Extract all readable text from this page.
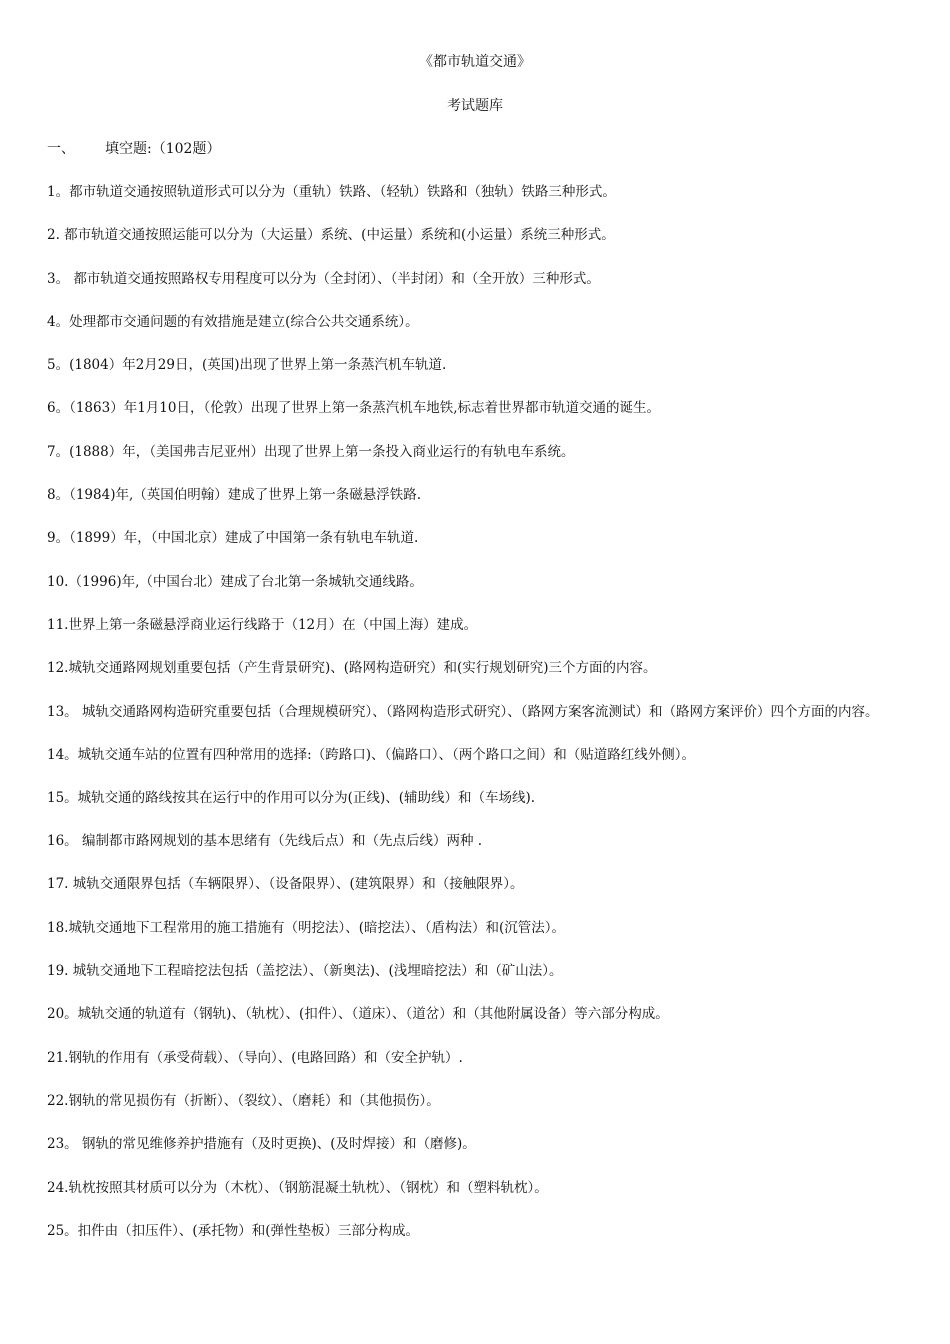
《都市轨道交通》
考试题库
一、 填空题:（102题）
1。都市轨道交通按照轨道形式可以分为（重轨）铁路、（轻轨）铁路和（独轨）铁路三种形式。
2. 都市轨道交通按照运能可以分为（大运量）系统、(中运量）系统和(小运量）系统三种形式。
3。 都市轨道交通按照路权专用程度可以分为（全封闭）、（半封闭）和（全开放）三种形式。
4。处理都市交通问题的有效措施是建立(综合公共交通系统）。
5。(1804）年2月29日，(英国)出现了世界上第一条蒸汽机车轨道.
6。（1863）年1月10日，（伦敦）出现了世界上第一条蒸汽机车地铁,标志着世界都市轨道交通的诞生。
7。(1888）年，（美国弗吉尼亚州）出现了世界上第一条投入商业运行的有轨电车系统。
8。（1984)年,（英国伯明翰）建成了世界上第一条磁悬浮铁路.
9。（1899）年，（中国北京）建成了中国第一条有轨电车轨道.
10.（1996)年,（中国台北）建成了台北第一条城轨交通线路。
11.世界上第一条磁悬浮商业运行线路于（12月）在（中国上海）建成。
12.城轨交通路网规划重要包括（产生背景研究)、(路网构造研究）和(实行规划研究)三个方面的内容。
13。 城轨交通路网构造研究重要包括（合理规模研究）、（路网构造形式研究）、（路网方案客流测试）和（路网方案评价）四个方面的内容。
14。城轨交通车站的位置有四种常用的选择:（跨路口)、（偏路口）、（两个路口之间）和（贴道路红线外侧）。
15。城轨交通的路线按其在运行中的作用可以分为(正线)、(辅助线）和（车场线).
16。 编制都市路网规划的基本思绪有（先线后点）和（先点后线）两种 .
17. 城轨交通限界包括（车辆限界）、（设备限界）、(建筑限界）和（接触限界）。
18.城轨交通地下工程常用的施工措施有（明挖法）、(暗挖法）、（盾构法）和(沉管法）。
19. 城轨交通地下工程暗挖法包括（盖挖法）、（新奥法)、(浅埋暗挖法）和（矿山法）。
20。城轨交通的轨道有（钢轨)、（轨枕）、(扣件）、（道床）、（道岔）和（其他附属设备）等六部分构成。
21.钢轨的作用有（承受荷载）、（导向）、(电路回路）和（安全护轨）.
22.钢轨的常见损伤有（折断）、（裂纹）、（磨耗）和（其他损伤）。
23。 钢轨的常见维修养护措施有（及时更换)、(及时焊接）和（磨修)。
24.轨枕按照其材质可以分为（木枕）、（钢筋混凝土轨枕）、（钢枕）和（塑料轨枕）。
25。扣件由（扣压件）、(承托物）和(弹性垫板）三部分构成。
